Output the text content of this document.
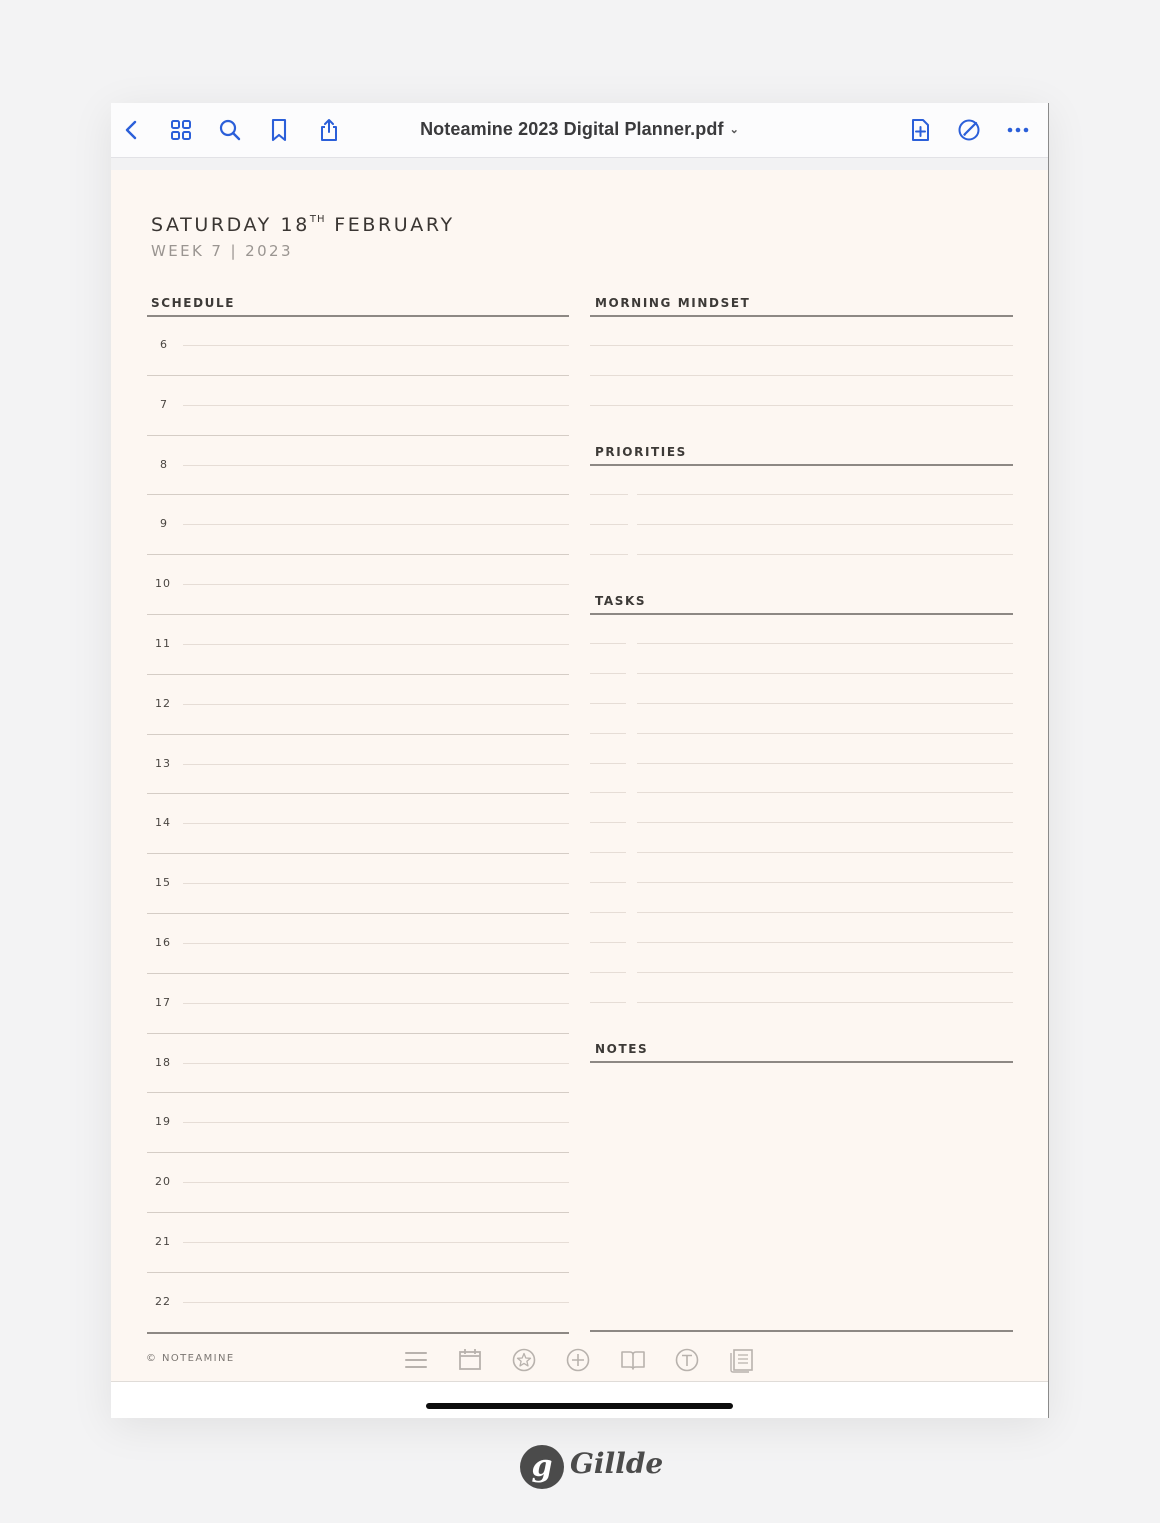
Noteamine 2023 Digital Planner.pdf ⌄
SATURDAY 18TH FEBRUARY
WEEK 7 | 2023
SCHEDULE	MORNING MINDSET
PRIORITIES
TASKS
NOTES
© NOTEAMINE
6
7
8
9
10
11
12
13
14
15
16
17
18
19
20
21
22
g Gillde
